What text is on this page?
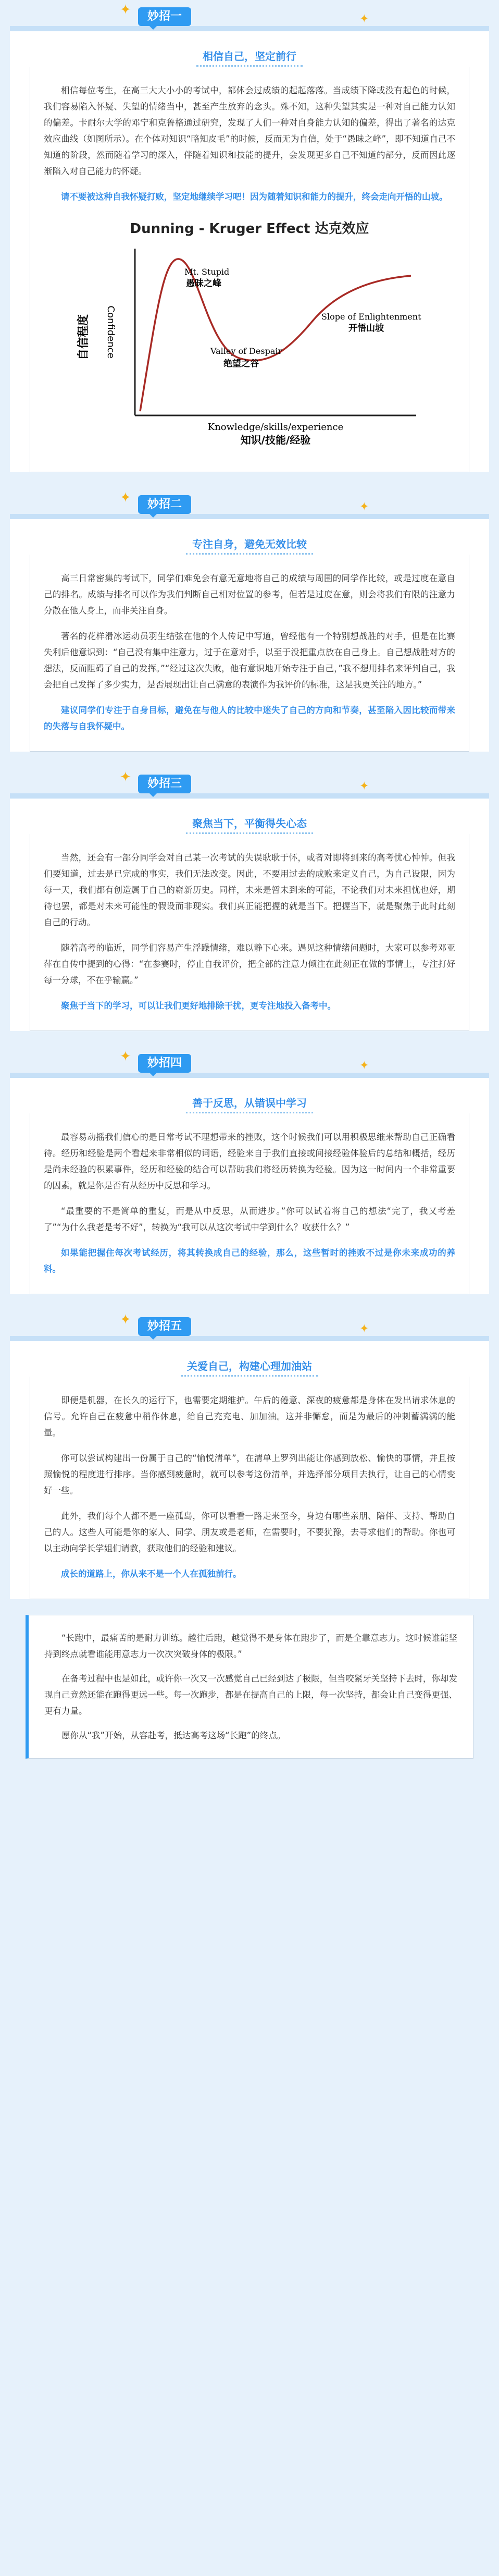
妙招一
✦
✦
相信自己，坚定前行

相信每位考生，在高三大大小小的考试中，都体会过成绩的起起落落。当成绩下降或没有起色的时候，我们容易陷入怀疑、失望的情绪当中，甚至产生放弃的念头。殊不知，这种失望其实是一种对自己能力认知的偏差。卡耐尔大学的邓宁和克鲁格通过研究，发现了人们一种对自身能力认知的偏差，得出了著名的达克效应曲线（如图所示）。在个体对知识“略知皮毛”的时候，反而无为自信，处于“愚昧之峰”，即不知道自己不知道的阶段，然而随着学习的深入，伴随着知识和技能的提升，会发现更多自己不知道的部分，反而因此逐渐陷入对自己能力的怀疑。

请不要被这种自我怀疑打败，坚定地继续学习吧！因为随着知识和能力的提升，终会走向开悟的山坡。

Dunning - Kruger Effect 达克效应
Confidence
自信程度
Mt. Stupid
愚昧之峰
Valley of Despair
绝望之谷
Slope of Enlightenment
开悟山坡
Knowledge/skills/experience
知识/技能/经验
妙招二
✦
✦
专注自身，避免无效比较

高三日常密集的考试下，同学们难免会有意无意地将自己的成绩与周围的同学作比较，或是过度在意自己的排名。成绩与排名可以作为我们判断自己相对位置的参考，但若是过度在意，则会将我们有限的注意力分散在他人身上，而非关注自身。

著名的花样滑冰运动员羽生结弦在他的个人传记中写道，曾经他有一个特别想战胜的对手，但是在比赛失利后他意识到：“自己没有集中注意力，过于在意对手，以至于没把重点放在自己身上。自己想战胜对方的想法，反而阻碍了自己的发挥。”“经过这次失败，他有意识地开始专注于自己，”我不想用排名来评判自己，我会把自己发挥了多少实力，是否展现出让自己满意的表演作为我评价的标准，这是我更关注的地方。”

建议同学们专注于自身目标，避免在与他人的比较中迷失了自己的方向和节奏，甚至陷入因比较而带来的失落与自我怀疑中。

妙招三
✦
✦
聚焦当下，平衡得失心态

当然，还会有一部分同学会对自己某一次考试的失误耿耿于怀，或者对即将到来的高考忧心忡忡。但我们要知道，过去是已完成的事实，我们无法改变。因此，不要用过去的成败来定义自己，为自己设限，因为每一天，我们都有创造属于自己的崭新历史。同样，未来是暂未到来的可能，不论我们对未来担忧也好，期待也罢，都是对未来可能性的假设而非现实。我们真正能把握的就是当下。把握当下，就是聚焦于此时此刻自己的行动。

随着高考的临近，同学们容易产生浮躁情绪，难以静下心来。遇见这种情绪问题时，大家可以参考邓亚萍在自传中提到的心得：“在参赛时，停止自我评价，把全部的注意力倾注在此刻正在做的事情上，专注打好每一分球，不在乎输赢。”

聚焦于当下的学习，可以让我们更好地排除干扰，更专注地投入备考中。

妙招四
✦
✦
善于反思，从错误中学习

最容易动摇我们信心的是日常考试不理想带来的挫败，这个时候我们可以用积极思维来帮助自己正确看待。经历和经验是两个看起来非常相似的词语，经验来自于我们直接或间接经验体验后的总结和概括，经历是尚未经验的积累事件，经历和经验的结合可以帮助我们将经历转换为经验。因为这一时间内一个非常重要的因素，就是你是否有从经历中反思和学习。

“最重要的不是简单的重复，而是从中反思，从而进步。”你可以试着将自己的想法“完了，我又考差了”“为什么我老是考不好”，转换为“我可以从这次考试中学到什么？收获什么？”

如果能把握住每次考试经历，将其转换成自己的经验，那么，这些暂时的挫败不过是你未来成功的养料。

妙招五
✦
✦
关爱自己，构建心理加油站

即便是机器，在长久的运行下，也需要定期维护。午后的倦意、深夜的疲惫都是身体在发出请求休息的信号。允许自己在疲惫中稍作休息，给自己充充电、加加油。这并非懈怠，而是为最后的冲刺蓄满满的能量。

你可以尝试构建出一份属于自己的“愉悦清单”，在清单上罗列出能让你感到放松、愉快的事情，并且按照愉悦的程度进行排序。当你感到疲惫时，就可以参考这份清单，并选择部分项目去执行，让自己的心情变好一些。

此外，我们每个人都不是一座孤岛，你可以看看一路走来至今，身边有哪些亲朋、陪伴、支持、帮助自己的人。这些人可能是你的家人、同学、朋友或是老师，在需要时，不要犹豫，去寻求他们的帮助。你也可以主动向学长学姐们请教，获取他们的经验和建议。

成长的道路上，你从来不是一个人在孤独前行。

“长跑中，最痛苦的是耐力训练。越往后跑，越觉得不是身体在跑步了，而是全靠意志力。这时候谁能坚持到终点就看谁能用意志力一次次突破身体的极限。”

在备考过程中也是如此，或许你一次又一次感觉自己已经到达了极限，但当咬紧牙关坚持下去时，你却发现自己竟然还能在跑得更远一些。每一次跑步，都是在提高自己的上限，每一次坚持，都会让自己变得更强、更有力量。

愿你从“我”开始，从容赴考，抵达高考这场“长跑”的终点。
